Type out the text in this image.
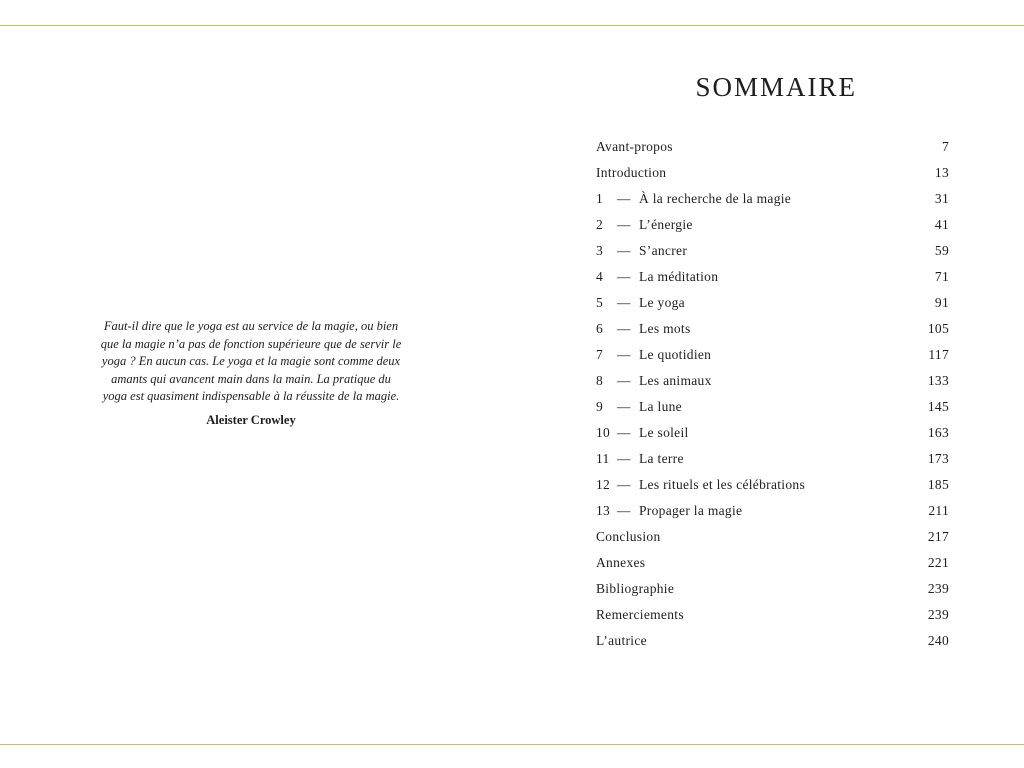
Faut-il dire que le yoga est au service de la magie, ou bien
que la magie n’a pas de fonction supérieure que de servir le
yoga ? En aucun cas. Le yoga et la magie sont comme deux
amants qui avancent main dans la main. La pratique du
yoga est quasiment indispensable à la réussite de la magie.

Aleister Crowley
SOMMAIRE
Avant-propos	7
Introduction	13
1	— À la recherche de la magie	31
2	— L’énergie	41
3	— S’ancrer	59
4	— La méditation	71
5	— Le yoga	91
6	— Les mots	105
7	— Le quotidien	117
8	— Les animaux	133
9	— La lune	145
10 — Le soleil	163
11 — La terre	173
12 — Les rituels et les célébrations	185
13 — Propager la magie	211
Conclusion	217
Annexes	221
Bibliographie	239
Remerciements	239
L’autrice	240
